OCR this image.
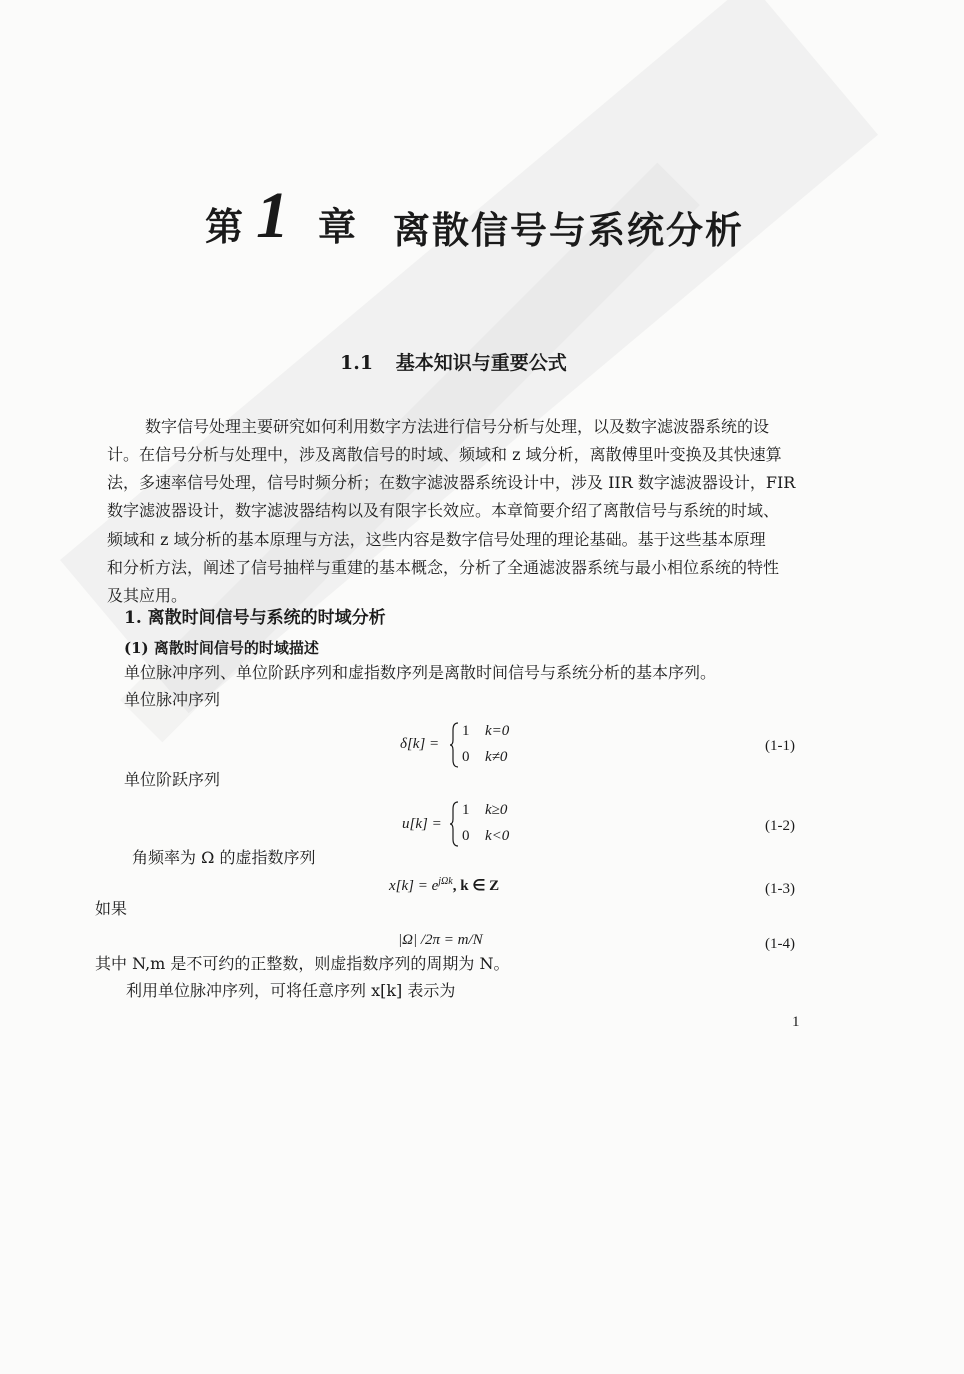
第 1 章 离散信号与系统分析
1.1 基本知识与重要公式
数字信号处理主要研究如何利用数字方法进行信号分析与处理，以及数字滤波器系统的设
计。在信号分析与处理中，涉及离散信号的时域、频域和 z 域分析，离散傅里叶变换及其快速算
法，多速率信号处理，信号时频分析；在数字滤波器系统设计中，涉及 IIR 数字滤波器设计，FIR
数字滤波器设计，数字滤波器结构以及有限字长效应。本章简要介绍了离散信号与系统的时域、
频域和 z 域分析的基本原理与方法，这些内容是数字信号处理的理论基础。基于这些基本原理
和分析方法，阐述了信号抽样与重建的基本概念，分析了全通滤波器系统与最小相位系统的特性
及其应用。
1. 离散时间信号与系统的时域分析
(1) 离散时间信号的时域描述
单位脉冲序列、单位阶跃序列和虚指数序列是离散时间信号与系统分析的基本序列。
单位脉冲序列
δ[k] =
1 k=0
0 k≠0
(1-1)
单位阶跃序列
u[k] =
1 k≥0
0 k<0
(1-2)
角频率为 Ω 的虚指数序列
$x[k] = e^{j\Omega k}$, k ∈ Z	(1-3)
如果
|Ω| /2π = m/N	(1-4)
其中 N,m 是不可约的正整数，则虚指数序列的周期为 N。
利用单位脉冲序列，可将任意序列 x[k] 表示为
1
